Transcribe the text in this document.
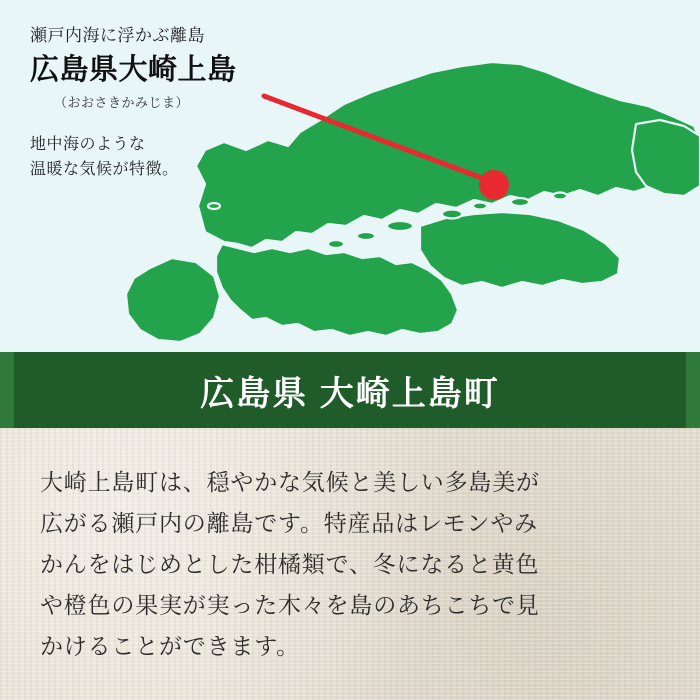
瀬戸内海に浮かぶ離島
広島県大崎上島
（おおさきかみじま）
地中海のような
温暖な気候が特徴。
広島県 大崎上島町
大崎上島町は、穏やかな気候と美しい多島美が
広がる瀬戸内の離島です。特産品はレモンやみ
かんをはじめとした柑橘類で、冬になると黄色
や橙色の果実が実った木々を島のあちこちで見
かけることができます。
